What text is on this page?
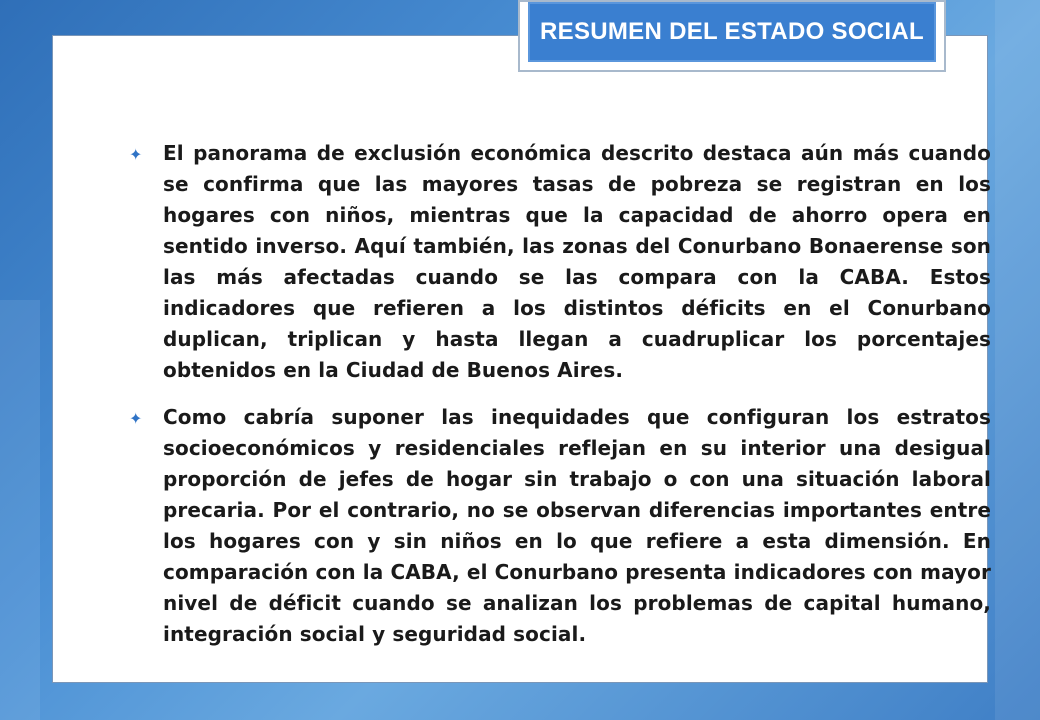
✦	El panorama de exclusión económica descrito destaca aún más cuando se confirma que las mayores tasas de pobreza se registran en los hogares con niños, mientras que la capacidad de ahorro opera en sentido inverso. Aquí también, las zonas del Conurbano Bonaerense son las más afectadas cuando se las compara con la CABA. Estos indicadores que refieren a los distintos déficits en el Conurbano duplican, triplican y hasta llegan a cuadruplicar los porcentajes obtenidos en la Ciudad de Buenos Aires.
✦	Como cabría suponer las inequidades que configuran los estratos socioeconómicos y residenciales reflejan en su interior una desigual proporción de jefes de hogar sin trabajo o con una situación laboral precaria. Por el contrario, no se observan diferencias importantes entre los hogares con y sin niños en lo que refiere a esta dimensión. En comparación con la CABA, el Conurbano presenta indicadores con mayor nivel de déficit cuando se analizan los problemas de capital humano, integración social y seguridad social.
RESUMEN DEL ESTADO SOCIAL
